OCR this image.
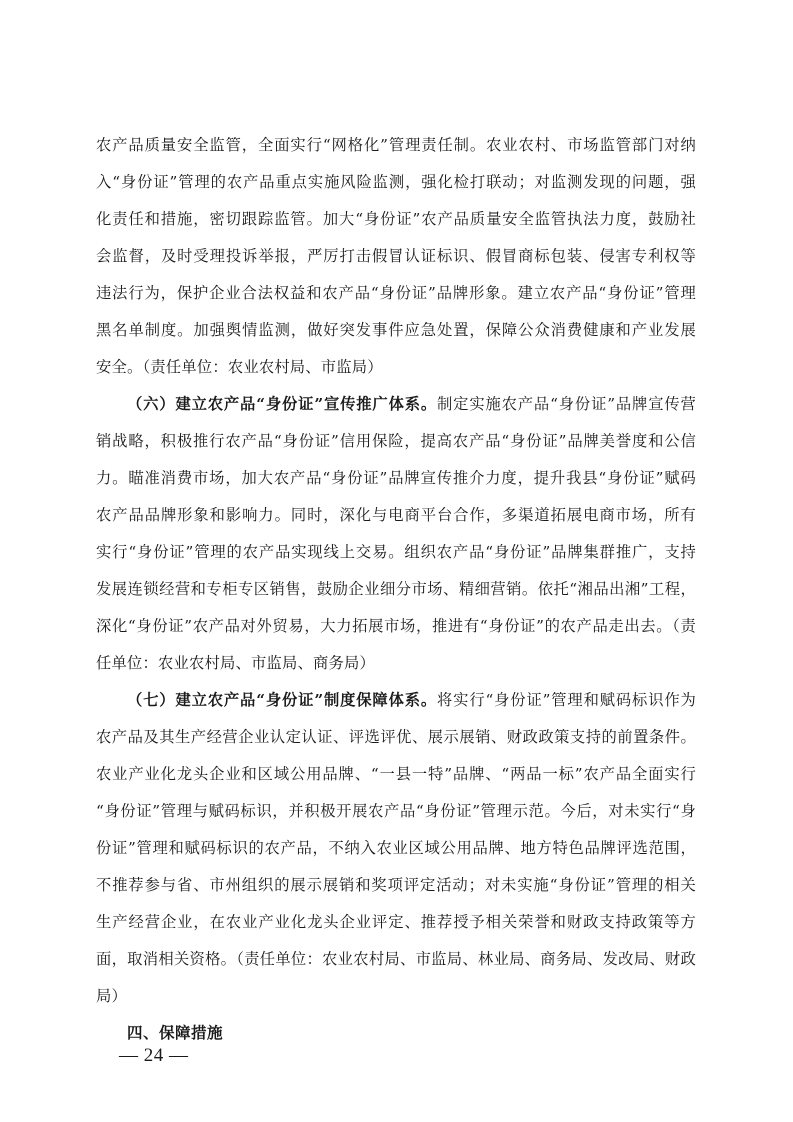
农产品质量安全监管，全面实行“网格化”管理责任制。农业农村、市场监管部门对纳
入“身份证”管理的农产品重点实施风险监测，强化检打联动；对监测发现的问题，强
化责任和措施，密切跟踪监管。加大“身份证”农产品质量安全监管执法力度，鼓励社
会监督，及时受理投诉举报，严厉打击假冒认证标识、假冒商标包装、侵害专利权等
违法行为，保护企业合法权益和农产品“身份证”品牌形象。建立农产品“身份证”管理
黑名单制度。加强舆情监测，做好突发事件应急处置，保障公众消费健康和产业发展
安全。（责任单位：农业农村局、市监局）
（六）建立农产品“身份证”宣传推广体系。制定实施农产品“身份证”品牌宣传营
销战略，积极推行农产品“身份证”信用保险，提高农产品“身份证”品牌美誉度和公信
力。瞄准消费市场，加大农产品“身份证”品牌宣传推介力度，提升我县“身份证”赋码
农产品品牌形象和影响力。同时，深化与电商平台合作，多渠道拓展电商市场，所有
实行“身份证”管理的农产品实现线上交易。组织农产品“身份证”品牌集群推广，支持
发展连锁经营和专柜专区销售，鼓励企业细分市场、精细营销。依托“湘品出湘”工程，
深化“身份证”农产品对外贸易，大力拓展市场，推进有“身份证”的农产品走出去。（责
任单位：农业农村局、市监局、商务局）
（七）建立农产品“身份证”制度保障体系。将实行“身份证”管理和赋码标识作为
农产品及其生产经营企业认定认证、评选评优、展示展销、财政政策支持的前置条件。
农业产业化龙头企业和区域公用品牌、“一县一特”品牌、“两品一标”农产品全面实行
“身份证”管理与赋码标识，并积极开展农产品“身份证”管理示范。今后，对未实行“身
份证”管理和赋码标识的农产品，不纳入农业区域公用品牌、地方特色品牌评选范围，
不推荐参与省、市州组织的展示展销和奖项评定活动；对未实施“身份证”管理的相关
生产经营企业，在农业产业化龙头企业评定、推荐授予相关荣誉和财政支持政策等方
面，取消相关资格。（责任单位：农业农村局、市监局、林业局、商务局、发改局、财政
局）
四、保障措施
— 24 —
